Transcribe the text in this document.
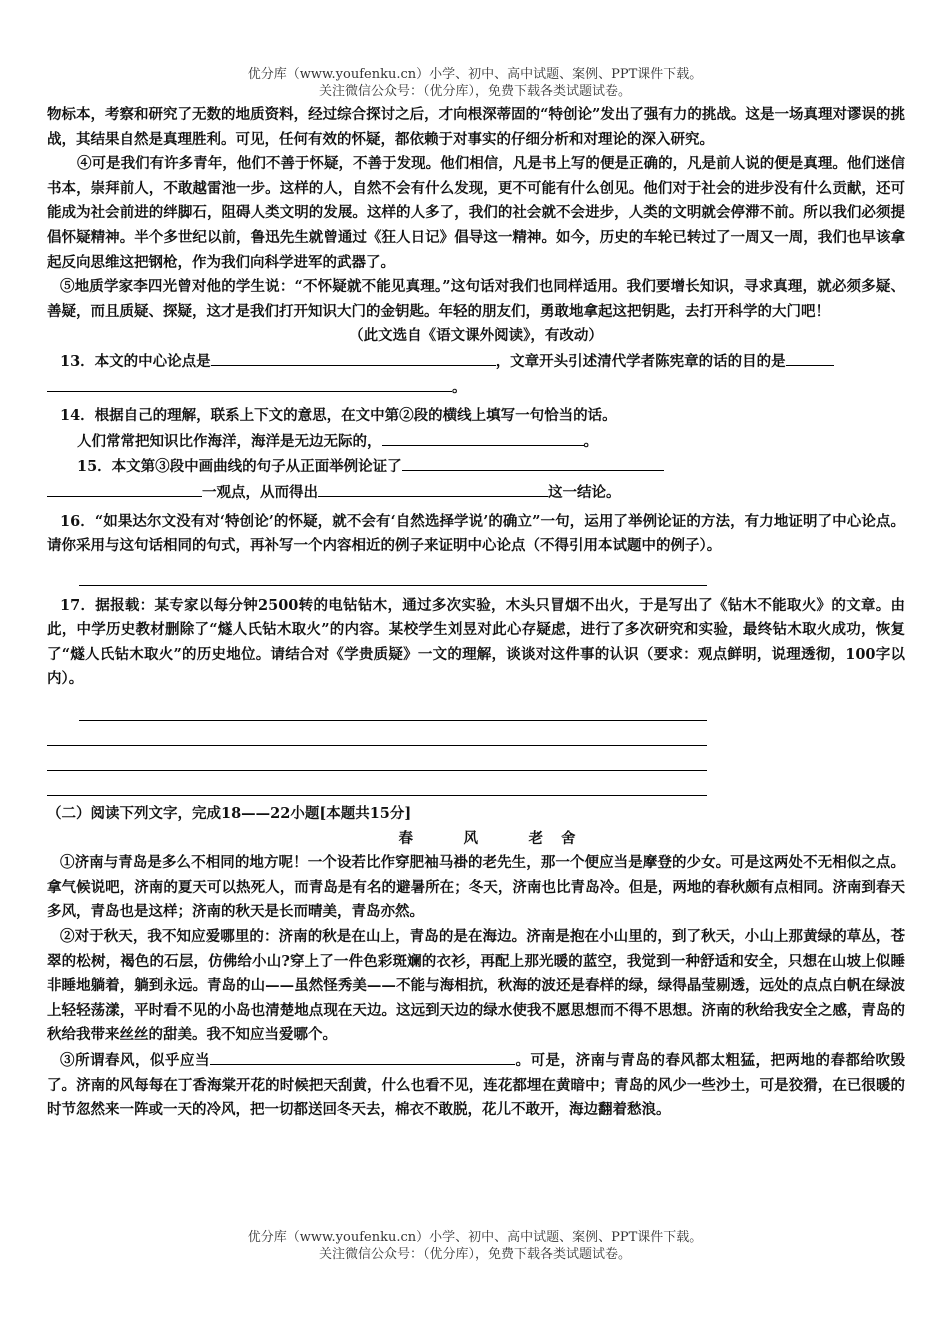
优分库（www.youfenku.cn）小学、初中、高中试题、案例、PPT课件下载。
关注微信公众号：（优分库），免费下载各类试题试卷。

物标本，考察和研究了无数的地质资料，经过综合探讨之后，才向根深蒂固的“特创论”发出了强有力的挑战。这是一场真理对谬误的挑战，其结果自然是真理胜利。可见，任何有效的怀疑，都依赖于对事实的仔细分析和对理论的深入研究。

④可是我们有许多青年，他们不善于怀疑，不善于发现。他们相信，凡是书上写的便是正确的，凡是前人说的便是真理。他们迷信书本，崇拜前人，不敢越雷池一步。这样的人，自然不会有什么发现，更不可能有什么创见。他们对于社会的进步没有什么贡献，还可能成为社会前进的绊脚石，阻碍人类文明的发展。这样的人多了，我们的社会就不会进步，人类的文明就会停滞不前。所以我们必须提倡怀疑精神。半个多世纪以前，鲁迅先生就曾通过《狂人日记》倡导这一精神。如今，历史的车轮已转过了一周又一周，我们也早该拿起反向思维这把钢枪，作为我们向科学进军的武器了。

⑤地质学家李四光曾对他的学生说：“不怀疑就不能见真理。”这句话对我们也同样适用。我们要增长知识，寻求真理，就必须多疑、善疑，而且质疑、探疑，这才是我们打开知识大门的金钥匙。年轻的朋友们，勇敢地拿起这把钥匙，去打开科学的大门吧！

（此文选自《语文课外阅读》，有改动）

13．本文的中心论点是	，文章开头引述清代学者陈宪章的话的目的是

。

14．根据自己的理解，联系上下文的意思，在文中第②段的横线上填写一句恰当的话。

人们常常把知识比作海洋，海洋是无边无际的，	。

15．本文第③段中画曲线的句子从正面举例论证了

一观点，从而得出	这一结论。

16．“如果达尔文没有对‘特创论’的怀疑，就不会有‘自然选择学说’的确立”一句，运用了举例论证的方法，有力地证明了中心论点。请你采用与这句话相同的句式，再补写一个内容相近的例子来证明中心论点（不得引用本试题中的例子）。

17．据报载：某专家以每分钟2500转的电钻钻木，通过多次实验，木头只冒烟不出火，于是写出了《钻木不能取火》的文章。由此，中学历史教材删除了“燧人氏钻木取火”的内容。某校学生刘昱对此心存疑虑，进行了多次研究和实验，最终钻木取火成功，恢复了“燧人氏钻木取火”的历史地位。请结合对《学贵质疑》一文的理解，谈谈对这件事的认识（要求：观点鲜明，说理透彻，100字以内）。

（二）阅读下列文字，完成18——22小题[本题共15分]

春　风　老舍

①济南与青岛是多么不相同的地方呢！一个设若比作穿肥袖马褂的老先生，那一个便应当是摩登的少女。可是这两处不无相似之点。拿气候说吧，济南的夏天可以热死人，而青岛是有名的避暑所在；冬天，济南也比青岛冷。但是，两地的春秋颇有点相同。济南到春天多风，青岛也是这样；济南的秋天是长而晴美，青岛亦然。

②对于秋天，我不知应爱哪里的：济南的秋是在山上，青岛的是在海边。济南是抱在小山里的，到了秋天，小山上那黄绿的草丛，苍翠的松树，褐色的石层，仿佛给小山?穿上了一件色彩斑斓的衣衫，再配上那光暖的蓝空，我觉到一种舒适和安全，只想在山坡上似睡非睡地躺着，躺到永远。青岛的山——虽然怪秀美——不能与海相抗，秋海的波还是春样的绿，绿得晶莹剔透，远处的点点白帆在绿波上轻轻荡漾，平时看不见的小岛也清楚地点现在天边。这远到天边的绿水使我不愿思想而不得不思想。济南的秋给我安全之感，青岛的秋给我带来丝丝的甜美。我不知应当爱哪个。

③所谓春风，似乎应当	。可是，济南与青岛的春风都太粗猛，把两地的春都给吹毁了。济南的风每每在丁香海棠开花的时候把天刮黄，什么也看不见，连花都埋在黄暗中；青岛的风少一些沙土，可是狡猾，在已很暖的时节忽然来一阵或一天的冷风，把一切都送回冬天去，棉衣不敢脱，花儿不敢开，海边翻着愁浪。

优分库（www.youfenku.cn）小学、初中、高中试题、案例、PPT课件下载。
关注微信公众号：（优分库），免费下载各类试题试卷。
